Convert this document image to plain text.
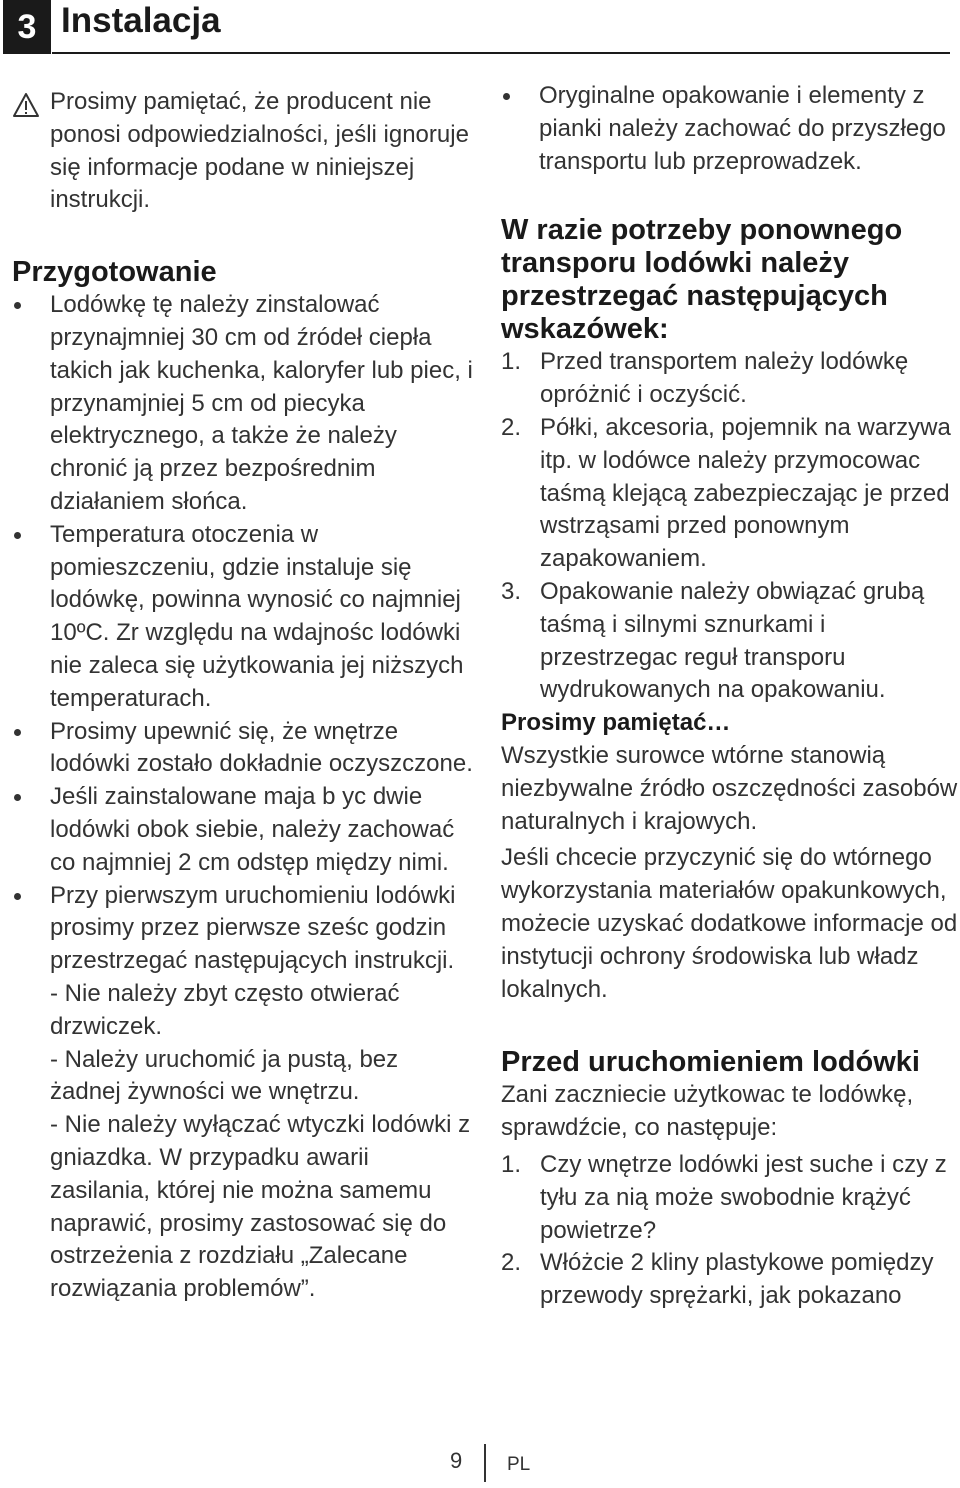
3 Instalacja
Prosimy pamiętać, że producent nie ponosi odpowiedzialności, jeśli ignoruje się informacje podane w niniejszej instrukcji.
Przygotowanie
Lodówkę tę należy zinstalować przynajmniej 30 cm od źródeł ciepła takich jak kuchenka, kaloryfer lub piec, i przynamjniej 5 cm od piecyka elektrycznego, a także że należy chronić ją przez bezpośrednim działaniem słońca.
Temperatura otoczenia w pomieszczeniu, gdzie instaluje się lodówkę, powinna wynosić co najmniej 10ºC. Zr względu na wdajnośc lodówki nie zaleca się użytkowania jej niższych temperaturach.
Prosimy upewnić się, że wnętrze lodówki zostało dokładnie oczyszczone.
Jeśli zainstalowane maja b yc dwie lodówki obok siebie, należy zachować co najmniej 2 cm odstęp między nimi.
Przy pierwszym uruchomieniu lodówki prosimy przez pierwsze sześc godzin przestrzegać następujących instrukcji.
- Nie należy zbyt często otwierać drzwiczek.
- Należy uruchomić ja pustą, bez żadnej żywności we wnętrzu.
- Nie należy wyłączać wtyczki lodówki z gniazdka. W przypadku awarii zasilania, której nie można samemu naprawić, prosimy zastosować się do ostrzeżenia z rozdziału „Zalecane rozwiązania problemów”.
Oryginalne opakowanie i elementy z pianki należy zachować do przyszłego transportu lub przeprowadzek.
W razie potrzeby ponownego transporu lodówki należy przestrzegać następujących wskazówek:
1. Przed transportem należy lodówkę opróżnić i oczyścić.
2. Półki, akcesoria, pojemnik na warzywa itp. w lodówce należy przymocowac taśmą klejącą zabezpieczając je przed wstrząsami przed ponownym zapakowaniem.
3. Opakowanie należy obwiązać grubą taśmą i silnymi sznurkami i przestrzegac reguł transporu wydrukowanych na opakowaniu.
Prosimy pamiętać…

Wszystkie surowce wtórne stanowią niezbywalne źródło oszczędności zasobów naturalnych i krajowych.

Jeśli chcecie przyczynić się do wtórnego wykorzystania materiałów opakunkowych, możecie uzyskać dodatkowe informacje od instytucji ochrony środowiska lub władz lokalnych.

Przed uruchomieniem lodówki

Zani zaczniecie użytkowac te lodówkę, sprawdźcie, co następuje:

1. Czy wnętrze lodówki jest suche i czy z tyłu za nią może swobodnie krążyć powietrze?
2. Włóżcie 2 kliny plastykowe pomiędzy przewody sprężarki, jak pokazano
9 PL
